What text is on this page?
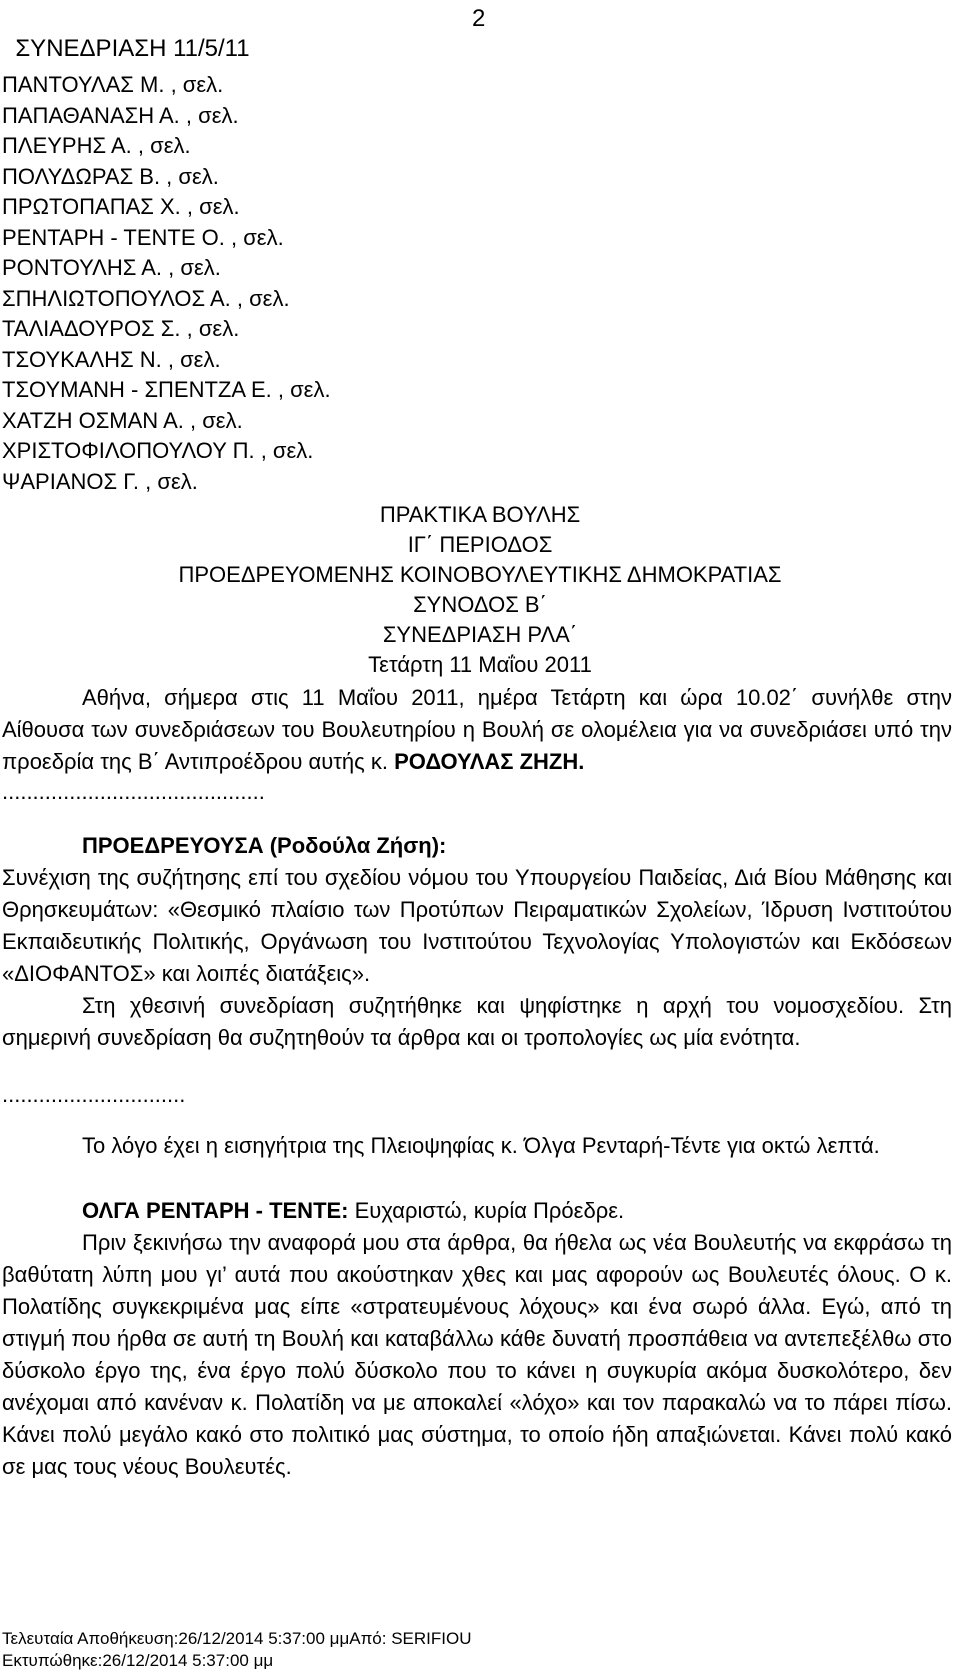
ΣΥΝΕΔΡΙΑΣΗ 11/5/11

2

ΠΑΝΤΟΥΛΑΣ Μ. , σελ.
ΠΑΠΑΘΑΝΑΣΗ Α. , σελ.
ΠΛΕΥΡΗΣ Α. , σελ.
ΠΟΛΥΔΩΡΑΣ Β. , σελ.
ΠΡΩΤΟΠΑΠΑΣ Χ. , σελ.
ΡΕΝΤΑΡΗ - ΤΕΝΤΕ Ο. , σελ.
ΡΟΝΤΟΥΛΗΣ Α. , σελ.
ΣΠΗΛΙΩΤΟΠΟΥΛΟΣ Α. , σελ.
ΤΑΛΙΑΔΟΥΡΟΣ Σ. , σελ.
ΤΣΟΥΚΑΛΗΣ Ν. , σελ.
ΤΣΟΥΜΑΝΗ - ΣΠΕΝΤΖΑ Ε. , σελ.
ΧΑΤΖΗ ΟΣΜΑΝ Α. , σελ.
ΧΡΙΣΤΟΦΙΛΟΠΟΥΛΟΥ Π. , σελ.
ΨΑΡΙΑΝΟΣ Γ. , σελ.
ΠΡΑΚΤΙΚΑ ΒΟΥΛΗΣ
ΙΓ΄ ΠΕΡΙΟΔΟΣ
ΠΡΟΕΔΡΕΥΟΜΕΝΗΣ ΚΟΙΝΟΒΟΥΛΕΥΤΙΚΗΣ ΔΗΜΟΚΡΑΤΙΑΣ
ΣΥΝΟΔΟΣ Β΄
ΣΥΝΕΔΡΙΑΣΗ ΡΛΑ΄
Τετάρτη 11 Μαΐου 2011
Αθήνα, σήμερα στις 11 Μαΐου 2011, ημέρα Τετάρτη και ώρα 10.02΄ συνήλθε στην Αίθουσα των συνεδριάσεων του Βουλευτηρίου η Βουλή σε ολομέλεια για να συνεδριάσει υπό την προεδρία της Β΄ Αντιπροέδρου αυτής κ. ΡΟΔΟΥΛΑΣ ΖΗΖΗ.
...........................................
ΠΡΟΕΔΡΕΥΟΥΣΑ (Ροδούλα Ζήση):
Συνέχιση της συζήτησης επί του σχεδίου νόμου του Υπουργείου Παιδείας, Διά Βίου Μάθησης και Θρησκευμάτων: «Θεσμικό πλαίσιο των Προτύπων Πειραματικών Σχολείων, Ίδρυση Ινστιτούτου Εκπαιδευτικής Πολιτικής, Οργάνωση του Ινστιτούτου Τεχνολογίας Υπολογιστών και Εκδόσεων «ΔΙΟΦΑΝΤΟΣ» και λοιπές διατάξεις».
Στη χθεσινή συνεδρίαση συζητήθηκε και ψηφίστηκε η αρχή του νομοσχεδίου. Στη σημερινή συνεδρίαση θα συζητηθούν τα άρθρα και οι τροπολογίες ως μία ενότητα.
..............................
Το λόγο έχει η εισηγήτρια της Πλειοψηφίας κ. Όλγα Ρενταρή-Τέντε για οκτώ λεπτά.
ΟΛΓΑ ΡΕΝΤΑΡΗ - ΤΕΝΤΕ: Ευχαριστώ, κυρία Πρόεδρε.
Πριν ξεκινήσω την αναφορά μου στα άρθρα, θα ήθελα ως νέα Βουλευτής να εκφράσω τη βαθύτατη λύπη μου γι’ αυτά που ακούστηκαν χθες και μας αφορούν ως Βουλευτές όλους. Ο κ. Πολατίδης συγκεκριμένα μας είπε «στρατευμένους λόχους» και ένα σωρό άλλα. Εγώ, από τη στιγμή που ήρθα σε αυτή τη Βουλή και καταβάλλω κάθε δυνατή προσπάθεια να αντεπεξέλθω στο δύσκολο έργο της, ένα έργο πολύ δύσκολο που το κάνει η συγκυρία ακόμα δυσκολότερο, δεν ανέχομαι από κανέναν κ. Πολατίδη να με αποκαλεί «λόχο» και τον παρακαλώ να το πάρει πίσω. Κάνει πολύ μεγάλο κακό στο πολιτικό μας σύστημα, το οποίο ήδη απαξιώνεται. Κάνει πολύ κακό σε μας τους νέους Βουλευτές.
Τελευταία Αποθήκευση:26/12/2014 5:37:00 μμΑπό: SERIFIOU
Εκτυπώθηκε:26/12/2014 5:37:00 μμ
